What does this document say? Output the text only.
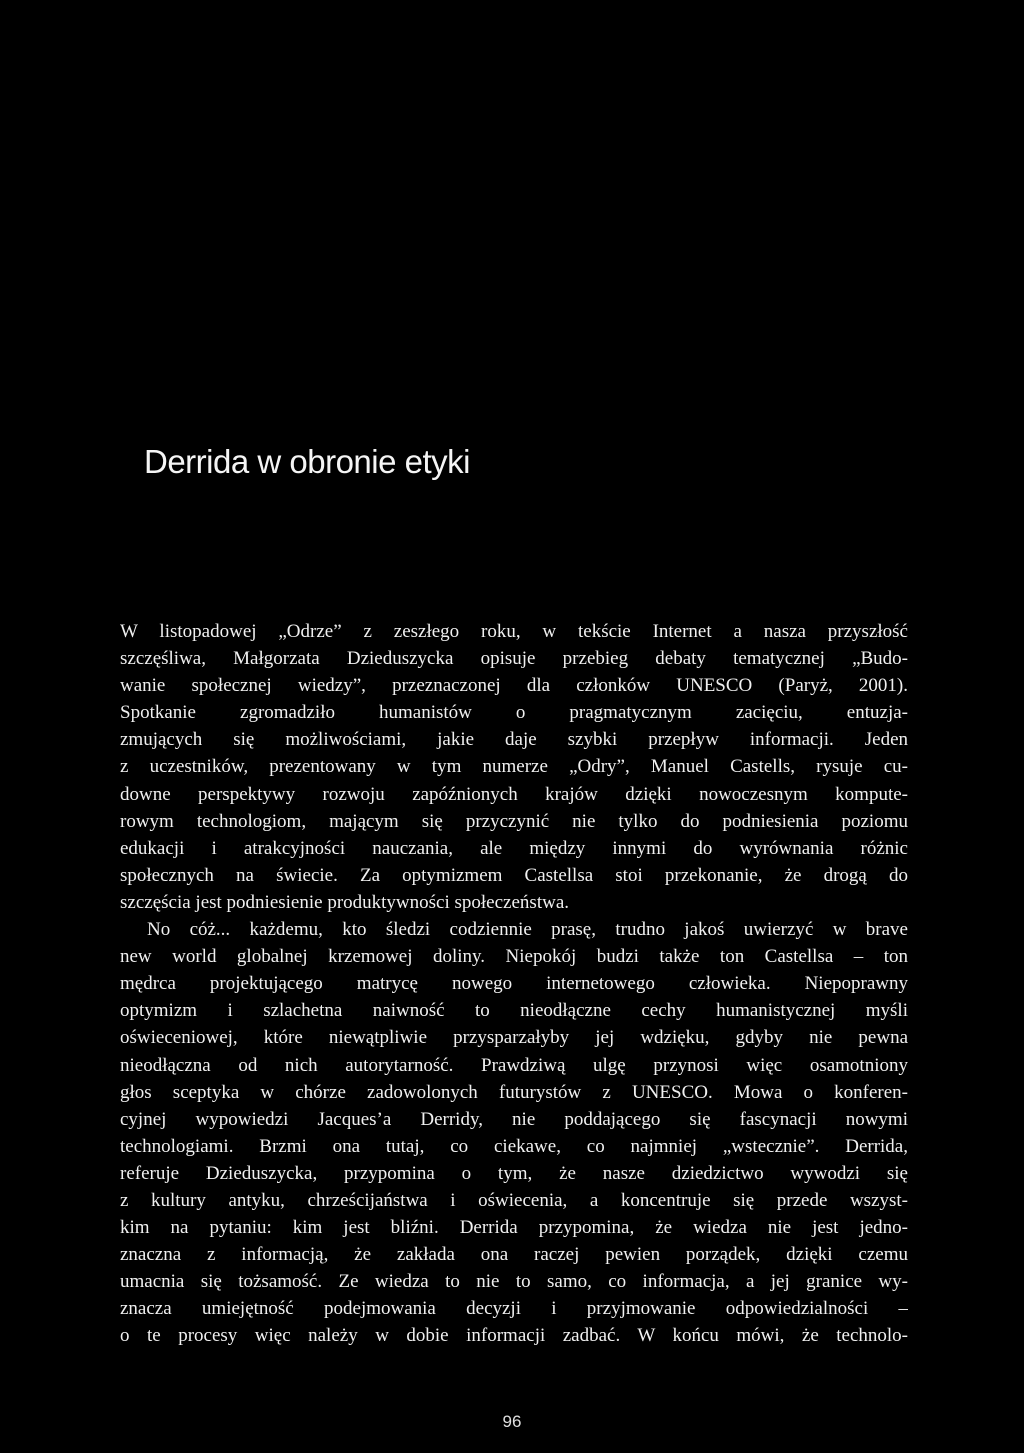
Derrida w obronie etyki
W listopadowej „Odrze” z zeszłego roku, w tekście Internet a nasza przyszłość
szczęśliwa, Małgorzata Dzieduszycka opisuje przebieg debaty tematycznej „Budo-
wanie społecznej wiedzy”, przeznaczonej dla członków UNESCO (Paryż, 2001).
Spotkanie zgromadziło humanistów o pragmatycznym zacięciu, entuzja-
zmujących się możliwościami, jakie daje szybki przepływ informacji. Jeden
z uczestników, prezentowany w tym numerze „Odry”, Manuel Castells, rysuje cu-
downe perspektywy rozwoju zapóźnionych krajów dzięki nowoczesnym kompute-
rowym technologiom, mającym się przyczynić nie tylko do podniesienia poziomu
edukacji i atrakcyjności nauczania, ale między innymi do wyrównania różnic
społecznych na świecie. Za optymizmem Castellsa stoi przekonanie, że drogą do
szczęścia jest podniesienie produktywności społeczeństwa.
No cóż... każdemu, kto śledzi codziennie prasę, trudno jakoś uwierzyć w brave
new world globalnej krzemowej doliny. Niepokój budzi także ton Castellsa – ton
mędrca projektującego matrycę nowego internetowego człowieka. Niepoprawny
optymizm i szlachetna naiwność to nieodłączne cechy humanistycznej myśli
oświeceniowej, które niewątpliwie przysparzałyby jej wdzięku, gdyby nie pewna
nieodłączna od nich autorytarność. Prawdziwą ulgę przynosi więc osamotniony
głos sceptyka w chórze zadowolonych futurystów z UNESCO. Mowa o konferen-
cyjnej wypowiedzi Jacques’a Derridy, nie poddającego się fascynacji nowymi
technologiami. Brzmi ona tutaj, co ciekawe, co najmniej „wstecznie”. Derrida,
referuje Dzieduszycka, przypomina o tym, że nasze dziedzictwo wywodzi się
z kultury antyku, chrześcijaństwa i oświecenia, a koncentruje się przede wszyst-
kim na pytaniu: kim jest bliźni. Derrida przypomina, że wiedza nie jest jedno-
znaczna z informacją, że zakłada ona raczej pewien porządek, dzięki czemu
umacnia się tożsamość. Ze wiedza to nie to samo, co informacja, a jej granice wy-
znacza umiejętność podejmowania decyzji i przyjmowanie odpowiedzialności –
o te procesy więc należy w dobie informacji zadbać. W końcu mówi, że technolo-
96
